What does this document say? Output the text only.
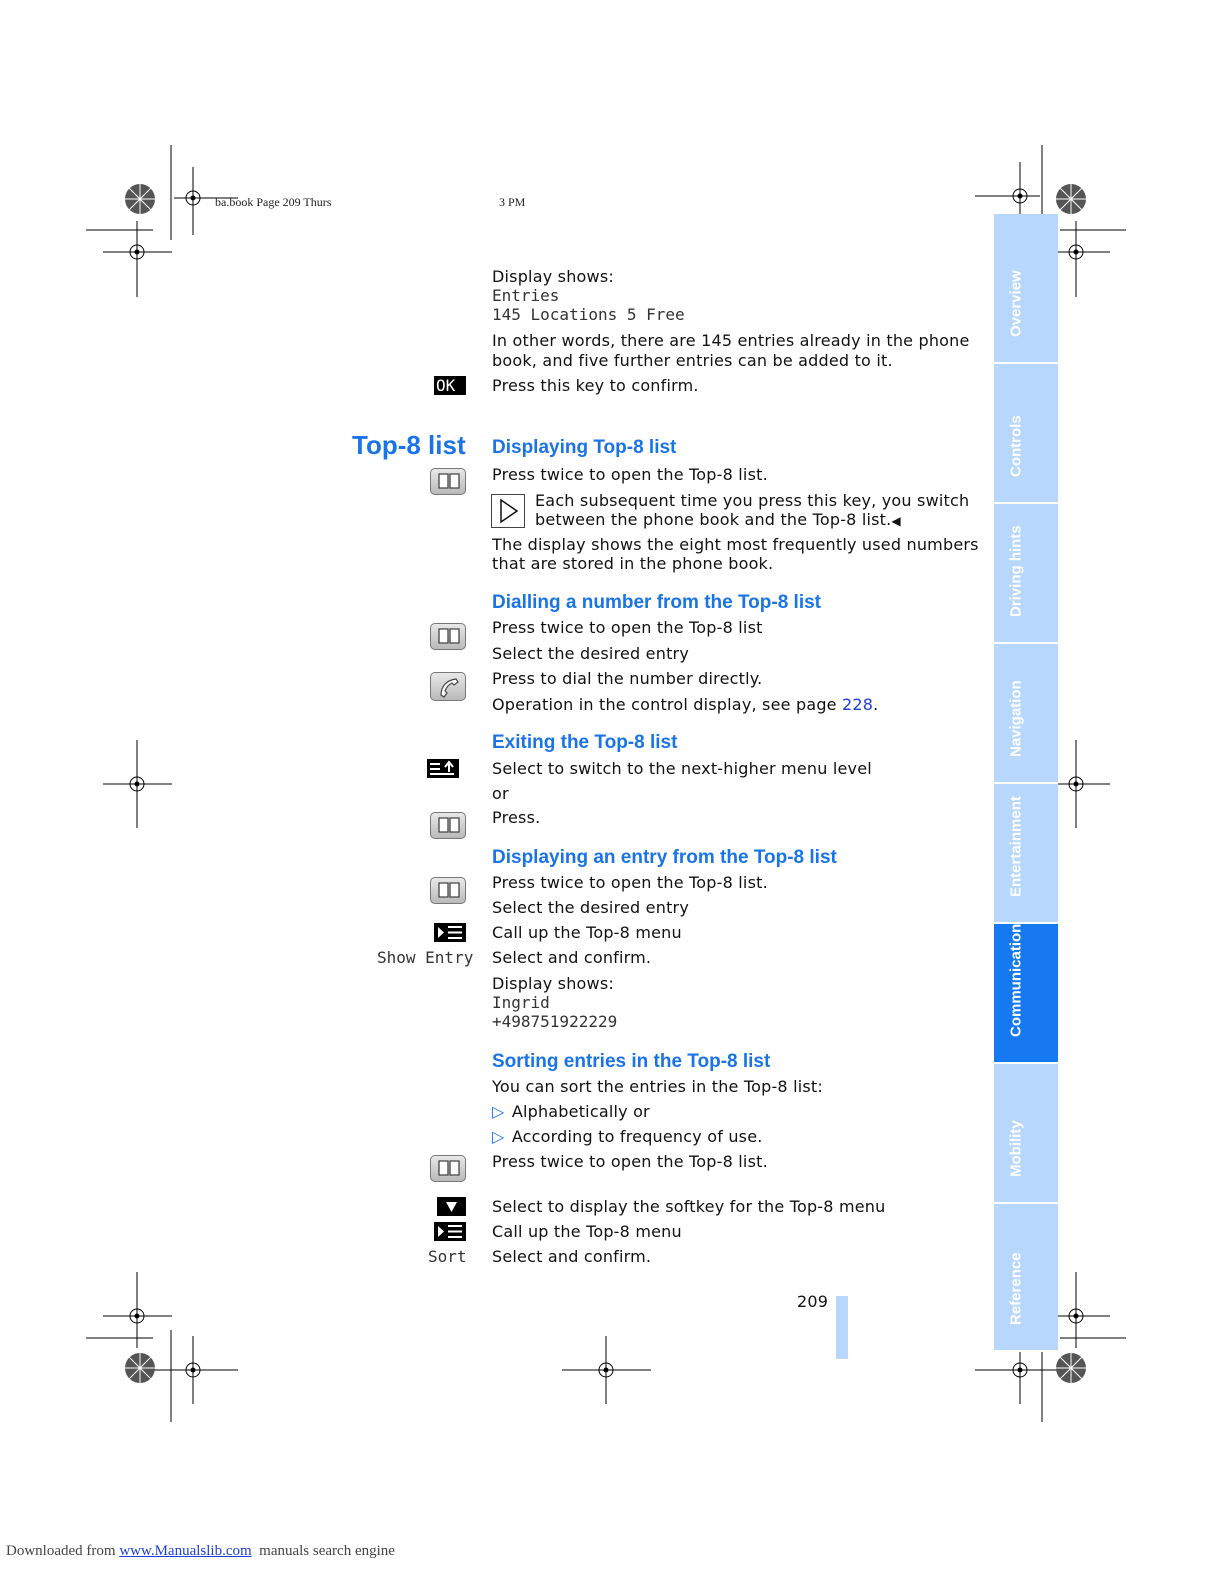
ba.book Page 209 Thurs	3 PM
Overview
Controls
Driving hints
Navigation
Entertainment
Communication
Mobility
Reference
Display shows:
Entries
145 Locations 5 Free
In other words, there are 145 entries already in the phone
book, and five further entries can be added to it.
OK Press this key to confirm.
Top-8 list Displaying Top-8 list
Press twice to open the Top-8 list.
Each subsequent time you press this key, you switch
between the phone book and the Top-8 list.◀
The display shows the eight most frequently used numbers
that are stored in the phone book.
Dialling a number from the Top-8 list
Press twice to open the Top-8 list
Select the desired entry
Press to dial the number directly.
Operation in the control display, see page 228.
Exiting the Top-8 list
Select to switch to the next-higher menu level
or
Press.
Displaying an entry from the Top-8 list
Press twice to open the Top-8 list.
Select the desired entry
Call up the Top-8 menu
Show Entry Select and confirm.
Display shows:
Ingrid
+498751922229
Sorting entries in the Top-8 list
You can sort the entries in the Top-8 list:
▷ Alphabetically or
▷ According to frequency of use.
Press twice to open the Top-8 list.
Select to display the softkey for the Top-8 menu
Call up the Top-8 menu
Sort Select and confirm.
209
Downloaded from www.Manualslib.com  manuals search engine
